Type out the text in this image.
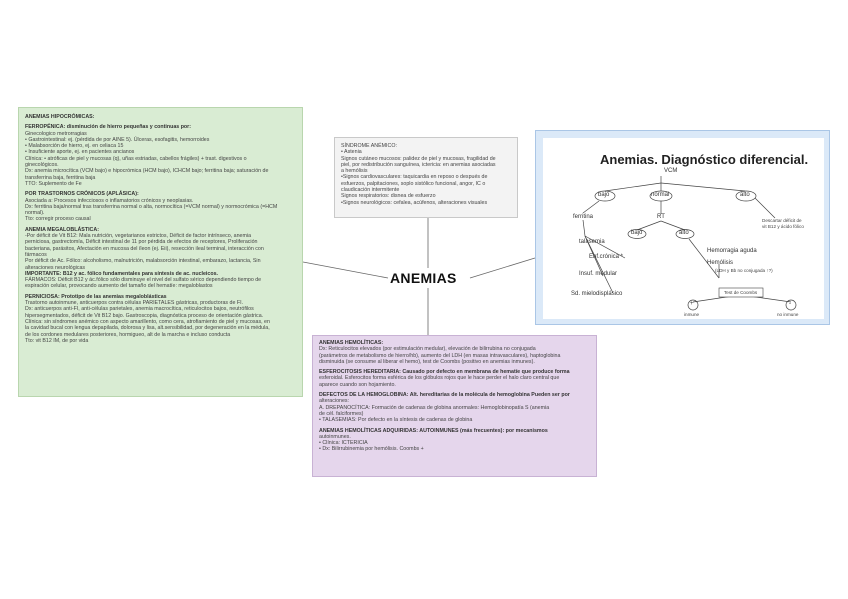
ANEMIAS HIPOCRÓMICAS:
FERROPÉNICA: disminución de hierro pequeñas y continuas por:
Ginecologico metrorragias
• Gastrointestinal: ej. (pérdida de por AINE 5). Úlceras, esofagitis, hemorroides
• Malabsorción de hierro, ej. en celiaca 15
• Insuficiente aporte, ej. en pacientes ancianos
Clínica: • atróficas de piel y mucosas (q), uñas estriadas, cabellos frágiles) + trast. digestivos o
ginecológicos.
Dx: anemia microcítica (VCM bajo) e hipocrómica (HCM bajo), ICHCM bajo; ferritina baja; saturación de
transferrina baja, ferritina baja
TTO: Suplemento de Fe
POR TRASTORNOS CRÓNICOS (APLÁSICA):
Asociada a: Procesos infecciosos o inflamatorios crónicos y neoplasias.
Dx: ferritina baja/normal tras transferrina normal o alta, normocítica (=VCM normal) y normocrómica (=HCM
normal).
Tto: corregir proceso causal
ANEMIA MEGALOBLÁSTICA:
-Por déficit de Vit B12: Mala nutrición, vegetarianos estrictos, Déficit de factor intrínseco, anemia
perniciosa, gastrectomía, Déficit intestinal de 11 por pérdida de efectos de receptores, Proliferación
bacteriana, parásitos, Afectación en mucosa del íleon (ej. Eii), resección ileal terminal, interacción con
fármacos
Por déficit de Ac. Fólico: alcoholismo, malnutrición, malabsorción intestinal, embarazo, lactancia, Sin
alteraciones neurológicas
IMPORTANTE: B12 y ac. fólico fundamentales para síntesis de ac. nucleicos.
FÁRMACOS: Déficit B12 y ác.fólico sólo disminuye el nivel del sulfato sérico dependiendo tiempo de
espiración celular, provocando aumento del tamaño del hematíe: megaloblastos
PERNICIOSA: Prototipo de las anemias megaloblásticas
Trastorno autoinmune, anticuerpos contra células PARIETALES gástricas, productoras de FI.
Dx: anticuerpos anti-FI, anti-células parietales, anemia macrocítica, reticulocitos bajos, neutrófilos
hipersegmentados, déficit de Vit B12 bajo. Gastroscopia, diagnóstica proceso de orientación gástrica.
Clínica: sin síndromes anémico con aspecto amarillento, como cera, atrofiamiento de piel y mucosas, en
la cavidad bucal con lengua depapilada, dolorosa y lisa, alt.sensibilidad, por degeneración en la médula,
de los cordones medulares posteriores, hormigueo, alt de la marcha e incluso conducta
Tto: vit B12 IM, de por vida
SÍNDROME ANÉMICO:
• Astenia
Signos cutáneo mucosos: palidez de piel y mucosas, fragilidad de
piel, por redistribución sanguínea, ictericia: en anemias asociadas
a hemólisis
•Signos cardiovasculares: taquicardia en reposo o después de
esfuerzos, palpitaciones, soplo sistólico funcional, angor, IC o
claudicación intermitente
Signos respiratorios: disnea de esfuerzo
•Signos neurológicos: cefalea, acúfenos, alteraciones visuales
ANEMIAS HEMOLÍTICAS:
Dx: Reticulocitos elevados (por estimulación medular), elevación de bilirrubina no conjugada
(parámetros de metabolismo de hierro/hb), aumento del LDH (en masas intravasculares), haptoglobina
disminuida (se consume al liberar el hemo), test de Coombs (positivo en anemias inmunes).
ESFEROCITOSIS HEREDITARIA: Causado por defecto en membrana de hematíe que produce forma
esferoidal. Esferocitos forma esférica de los glóbulos rojos que le hace perder el halo claro central que
aparece cuando son hojamiento.
DEFECTOS DE LA HEMOGLOBINA: Alt. hereditarias de la molécula de hemoglobina Pueden ser por
alteraciones:
A. DREPANOCÍTICA: Formación de cadenas de globina anormales: Hemoglobinopatía S (anemia
de cél. falciformes)
• TALASEMIAS: Por defecto en la síntesis de cadenas de globina
ANEMIAS HEMOLÍTICAS ADQUIRIDAS: AUTOINMUNES (más frecuentes): por mecanismos
autoinmunes.
• Clínica: ICTERICIA
• Dx: Bilirrubinemia por hemólisis. Coombs +
ANEMIAS
Anemias. Diagnóstico diferencial.
VCM
bajo	normal	alto
ferritina	RT
bajo	alto
talasemia
Enf.crónica *
Insuf. medular
Sd. mielodisplásico
Hemorragia aguda
Hemólisis
(LDH y Bb no conjugada ↑?)
Test de Coombs
+	-
inmune	no inmune
Descartar déficit de
vit B12 y ácido fólico
